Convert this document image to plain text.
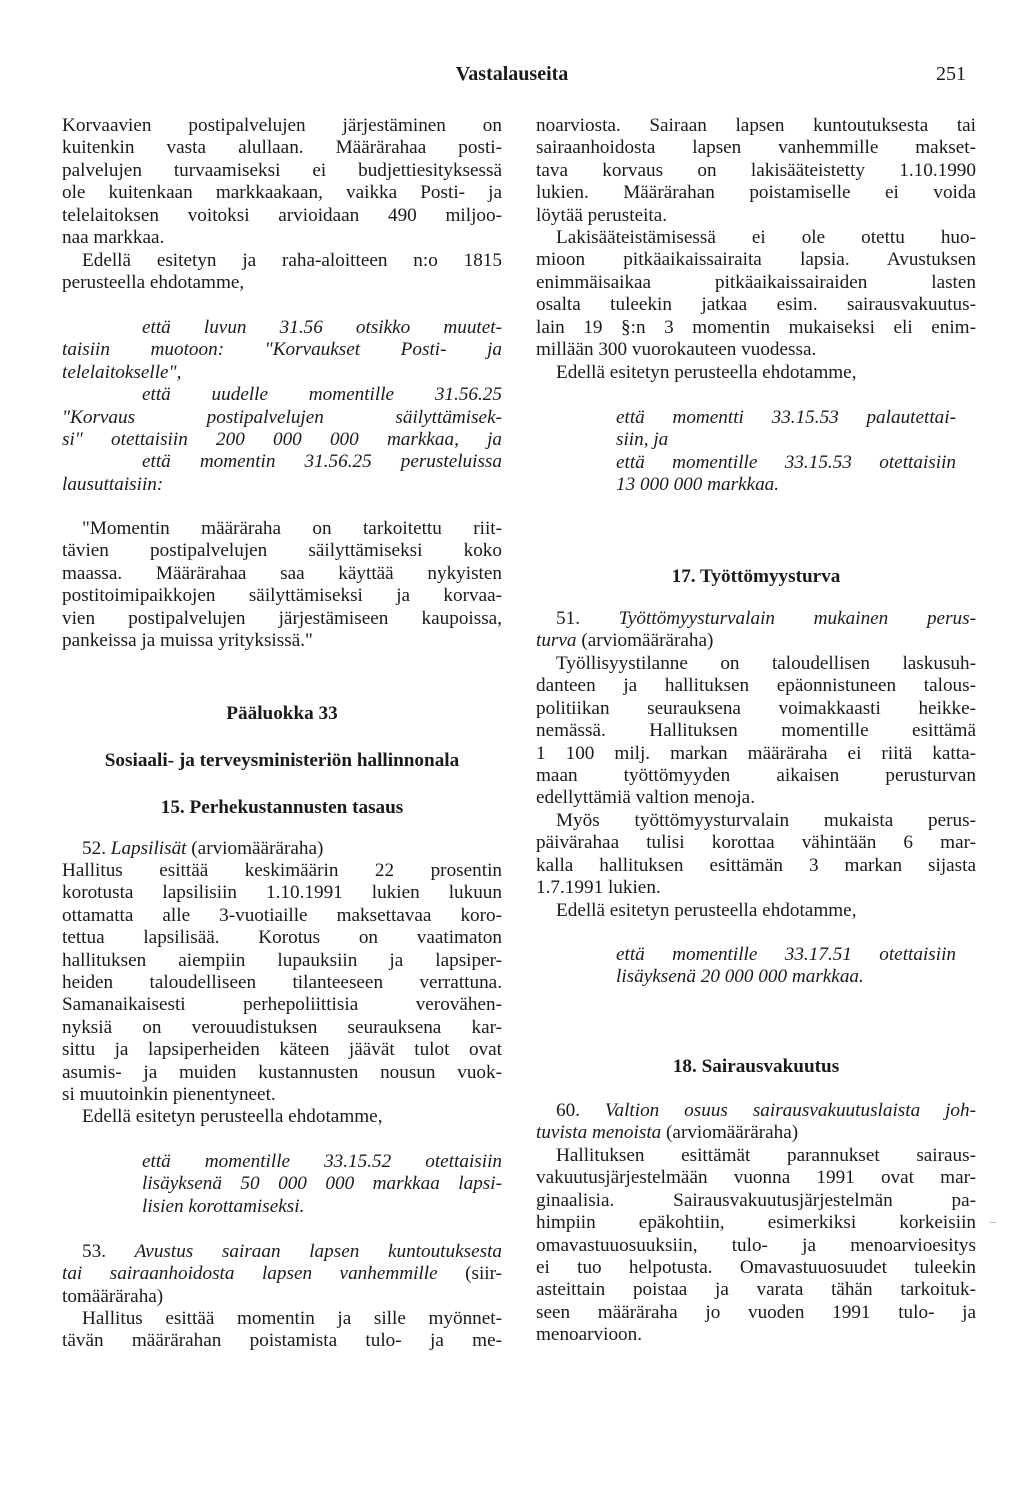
Vastalauseita	251

Korvaavien postipalvelujen järjestäminen on
kuitenkin vasta alullaan. Määrärahaa posti-
palvelujen turvaamiseksi ei budjettiesityksessä
ole kuitenkaan markkaakaan, vaikka Posti- ja
telelaitoksen voitoksi arvioidaan 490 miljoo-
naa markkaa.

Edellä esitetyn ja raha-aloitteen n:o 1815
perusteella ehdotamme,

että luvun 31.56 otsikko muutet-
taisiin muotoon: "Korvaukset Posti- ja
telelaitokselle",
että uudelle momentille 31.56.25
"Korvaus postipalvelujen säilyttämisek-
si" otettaisiin 200 000 000 markkaa, ja
että momentin 31.56.25 perusteluissa
lausuttaisiin:

"Momentin määräraha on tarkoitettu riit-
tävien postipalvelujen säilyttämiseksi koko
maassa. Määrärahaa saa käyttää nykyisten
postitoimipaikkojen säilyttämiseksi ja korvaa-
vien postipalvelujen järjestämiseen kaupoissa,
pankeissa ja muissa yrityksissä."

Pääluokka 33

Sosiaali- ja terveysministeriön hallinnonala

15. Perhekustannusten tasaus

52. Lapsilisät (arviomääräraha)

Hallitus esittää keskimäärin 22 prosentin
korotusta lapsilisiin 1.10.1991 lukien lukuun
ottamatta alle 3-vuotiaille maksettavaa koro-
tettua lapsilisää. Korotus on vaatimaton
hallituksen aiempiin lupauksiin ja lapsiper-
heiden taloudelliseen tilanteeseen verrattuna.
Samanaikaisesti perhepoliittisia verovähen-
nyksiä on verouudistuksen seurauksena kar-
sittu ja lapsiperheiden käteen jäävät tulot ovat
asumis- ja muiden kustannusten nousun vuok-
si muutoinkin pienentyneet.

Edellä esitetyn perusteella ehdotamme,

että momentille 33.15.52 otettaisiin
lisäyksenä 50 000 000 markkaa lapsi-
lisien korottamiseksi.

53. Avustus sairaan lapsen kuntoutuksesta
tai sairaanhoidosta lapsen vanhemmille (siir-
tomääräraha)

Hallitus esittää momentin ja sille myönnet-
tävän määrärahan poistamista tulo- ja me-

noarviosta. Sairaan lapsen kuntoutuksesta tai
sairaanhoidosta lapsen vanhemmille makset-
tava korvaus on lakisääteistetty 1.10.1990
lukien. Määrärahan poistamiselle ei voida
löytää perusteita.

Lakisääteistämisessä ei ole otettu huo-
mioon pitkäaikaissairaita lapsia. Avustuksen
enimmäisaikaa pitkäaikaissairaiden lasten
osalta tuleekin jatkaa esim. sairausvakuutus-
lain 19 §:n 3 momentin mukaiseksi eli enim-
millään 300 vuorokauteen vuodessa.

Edellä esitetyn perusteella ehdotamme,

että momentti 33.15.53 palautettai-
siin, ja
että momentille 33.15.53 otettaisiin
13 000 000 markkaa.

17. Työttömyysturva

51. Työttömyysturvalain mukainen perus-
turva (arviomääräraha)

Työllisyystilanne on taloudellisen laskusuh-
danteen ja hallituksen epäonnistuneen talous-
politiikan seurauksena voimakkaasti heikke-
nemässä. Hallituksen momentille esittämä
1 100 milj. markan määräraha ei riitä katta-
maan työttömyyden aikaisen perusturvan
edellyttämiä valtion menoja.

Myös työttömyysturvalain mukaista perus-
päivärahaa tulisi korottaa vähintään 6 mar-
kalla hallituksen esittämän 3 markan sijasta
1.7.1991 lukien.

Edellä esitetyn perusteella ehdotamme,

että momentille 33.17.51 otettaisiin
lisäyksenä 20 000 000 markkaa.

18. Sairausvakuutus

60. Valtion osuus sairausvakuutuslaista joh-
tuvista menoista (arviomääräraha)

Hallituksen esittämät parannukset sairaus-
vakuutusjärjestelmään vuonna 1991 ovat mar-
ginaalisia. Sairausvakuutusjärjestelmän pa-
himpiin epäkohtiin, esimerkiksi korkeisiin
omavastuuosuuksiin, tulo- ja menoarvioesitys
ei tuo helpotusta. Omavastuuosuudet tuleekin
asteittain poistaa ja varata tähän tarkoituk-
seen määräraha jo vuoden 1991 tulo- ja
menoarvioon.
